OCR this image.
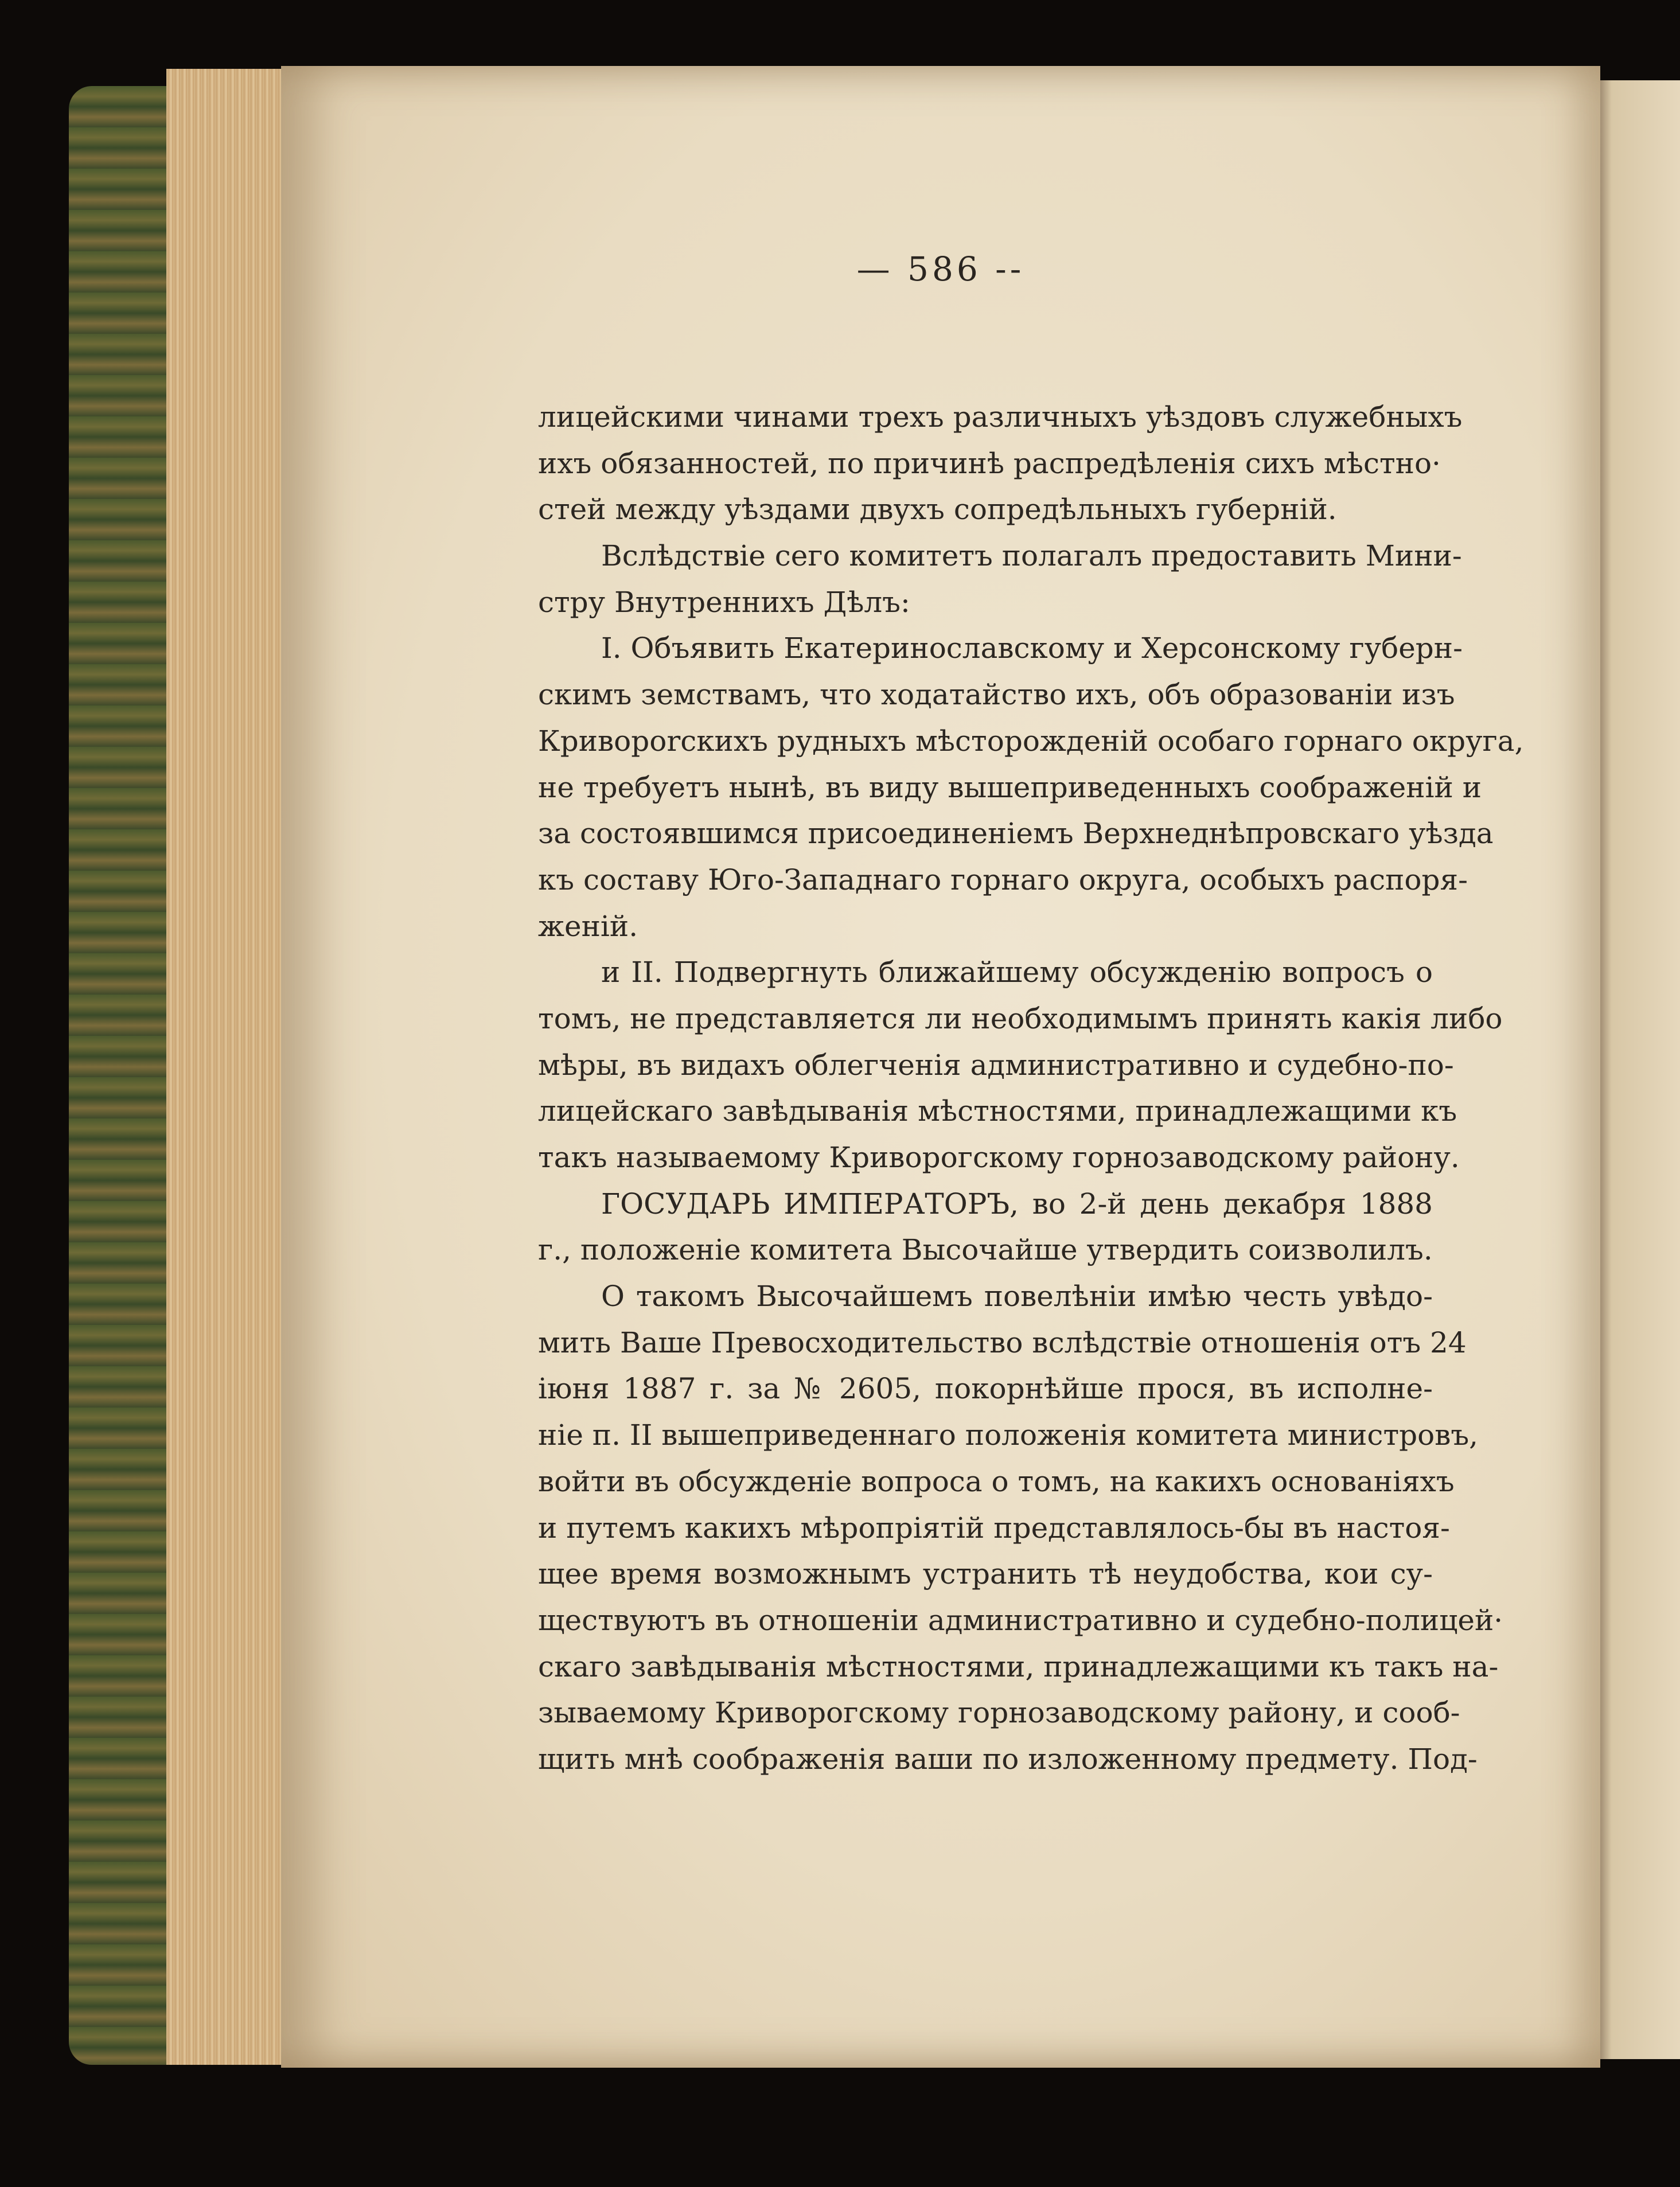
— 586 --
лицейскими чинами трехъ различныхъ уѣздовъ служебныхъ
ихъ обязанностей, по причинѣ распредѣленія сихъ мѣстно·
стей между уѣздами двухъ сопредѣльныхъ губерній.
Вслѣдствіе сего комитетъ полагалъ предоставить Мини-
стру Внутреннихъ Дѣлъ:
I. Объявить Екатеринославскому и Херсонскому губерн-
скимъ земствамъ, что ходатайство ихъ, объ образованіи изъ
Кривороrскихъ рудныхъ мѣсторожденій особаго горнаго округа,
не требуетъ нынѣ, въ виду вышеприведенныхъ соображеній и
за состоявшимся присоединеніемъ Верхнеднѣпровскаго уѣзда
къ составу Юго-Западнаго горнаго округа, особыхъ распоря-
женій.
и II. Подвергнуть ближайшему обсужденію вопросъ о
томъ, не представляется ли необходимымъ принять какія либо
мѣры, въ видахъ облегченія административно и судебно-по-
лицейскаго завѣдыванія мѣстностями, принадлежащими къ
такъ называемому Криворогскому горнозаводскому району.
ГОСУДАРЬ ИМПЕРАТОРЪ, во 2-й день декабря 1888
г., положеніе комитета Высочайше утвердить соизволилъ.
О такомъ Высочайшемъ повелѣніи имѣю честь увѣдо-
мить Ваше Превосходительство вслѣдствіе отношенія отъ 24
іюня 1887 г. за № 2605, покорнѣйше прося, въ исполне-
ніе п. II вышеприведеннаго положенія комитета министровъ,
войти въ обсужденіе вопроса о томъ, на какихъ основаніяхъ
и путемъ какихъ мѣропріятій представлялось-бы въ настоя-
щее время возможнымъ устранить тѣ неудобства, кои су-
ществуютъ въ отношеніи административно и судебно-полицей·
скаго завѣдыванія мѣстностями, принадлежащими къ такъ на-
зываемому Криворогскому горнозаводскому району, и сооб-
щить мнѣ соображенія ваши по изложенному предмету. Под-
